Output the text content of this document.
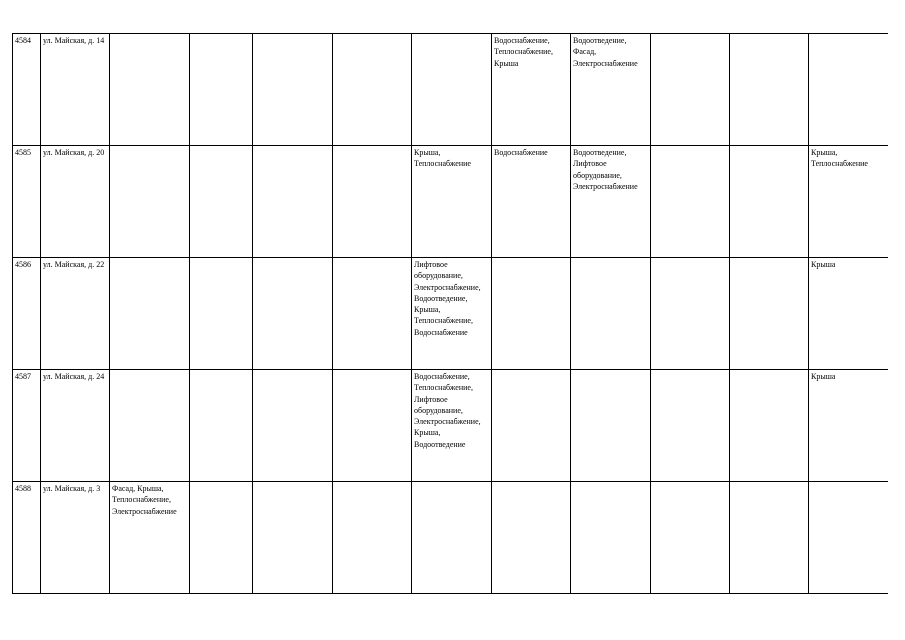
4584	ул. Майская, д. 14						Водоснабжение, Теплоснабжение, Крыша	Водоотведение, Фасад, Электроснабжение			
4585	ул. Майская, д. 20					Крыша, Теплоснабжение	Водоснабжение	Водоотведение, Лифтовое оборудование, Электроснабжение			Крыша, Теплоснабжение
4586	ул. Майская, д. 22					Лифтовое оборудование, Электроснабжение, Водоотведение, Крыша, Теплоснабжение, Водоснабжение					Крыша
4587	ул. Майская, д. 24					Водоснабжение, Теплоснабжение, Лифтовое оборудование, Электроснабжение, Крыша, Водоотведение					Крыша
4588	ул. Майская, д. 3	Фасад, Крыша, Теплоснабжение, Электроснабжение									
